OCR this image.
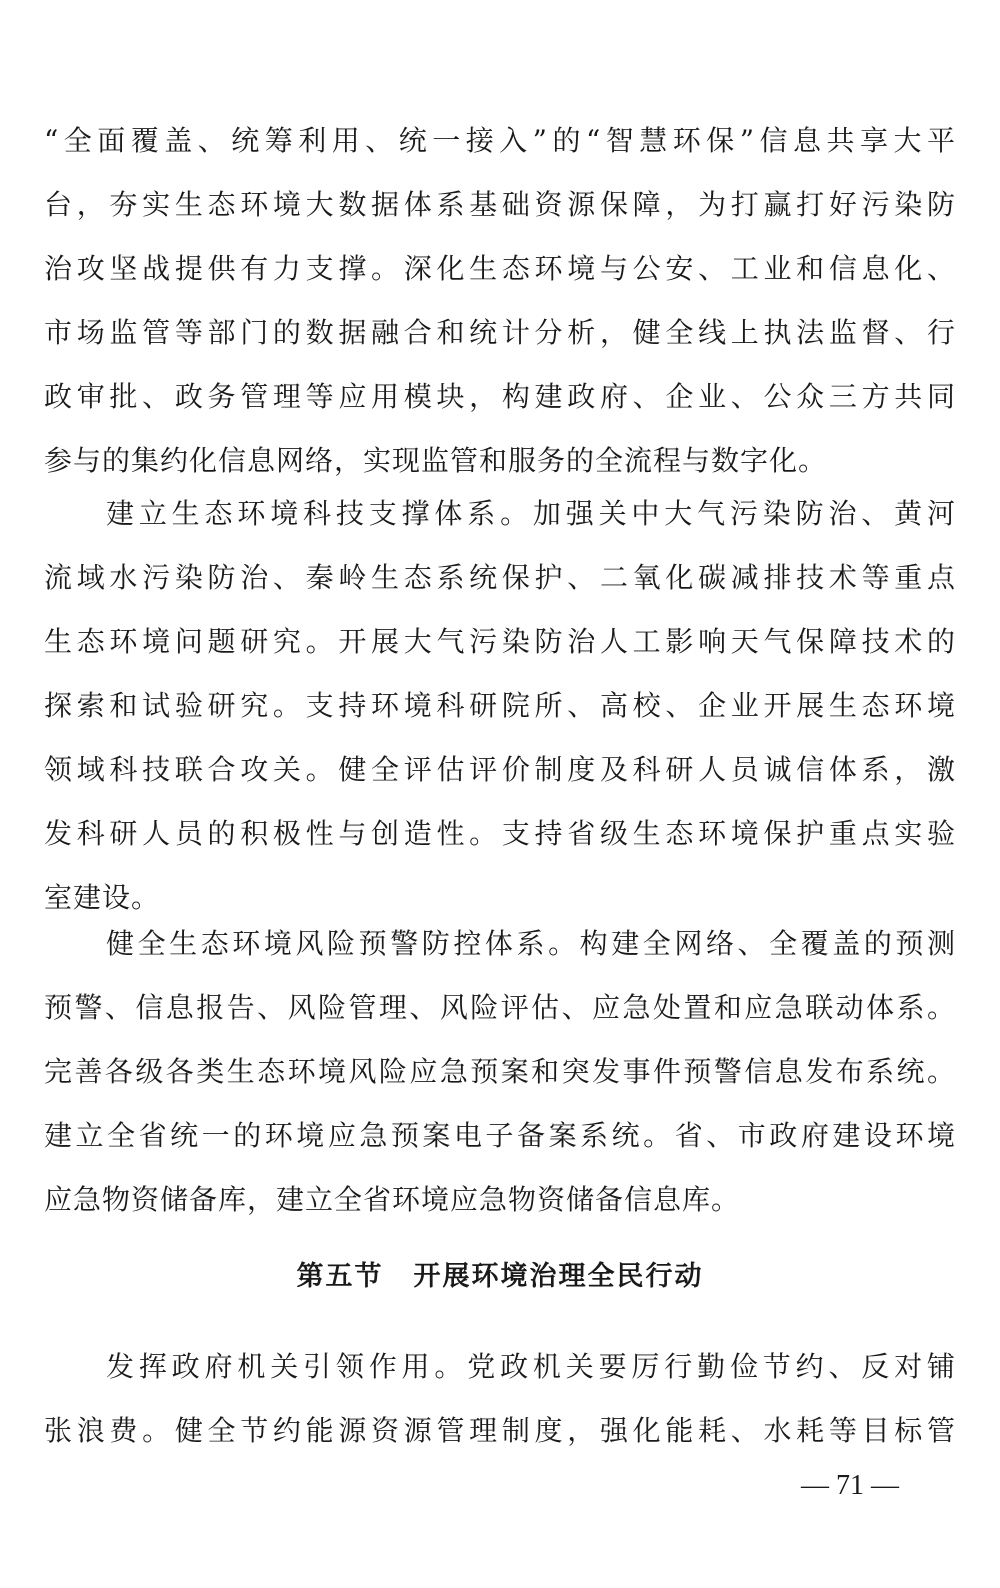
“全面覆盖、统筹利用、统一接入”的“智慧环保”信息共享大平
台，夯实生态环境大数据体系基础资源保障，为打赢打好污染防
治攻坚战提供有力支撑。深化生态环境与公安、工业和信息化、
市场监管等部门的数据融合和统计分析，健全线上执法监督、行
政审批、政务管理等应用模块，构建政府、企业、公众三方共同
参与的集约化信息网络，实现监管和服务的全流程与数字化。
建立生态环境科技支撑体系。加强关中大气污染防治、黄河
流域水污染防治、秦岭生态系统保护、二氧化碳减排技术等重点
生态环境问题研究。开展大气污染防治人工影响天气保障技术的
探索和试验研究。支持环境科研院所、高校、企业开展生态环境
领域科技联合攻关。健全评估评价制度及科研人员诚信体系，激
发科研人员的积极性与创造性。支持省级生态环境保护重点实验
室建设。
健全生态环境风险预警防控体系。构建全网络、全覆盖的预测
预警、信息报告、风险管理、风险评估、应急处置和应急联动体系。
完善各级各类生态环境风险应急预案和突发事件预警信息发布系统。
建立全省统一的环境应急预案电子备案系统。省、市政府建设环境
应急物资储备库，建立全省环境应急物资储备信息库。
第五节 开展环境治理全民行动
发挥政府机关引领作用。党政机关要厉行勤俭节约、反对铺
张浪费。健全节约能源资源管理制度，强化能耗、水耗等目标管
— 71 —
